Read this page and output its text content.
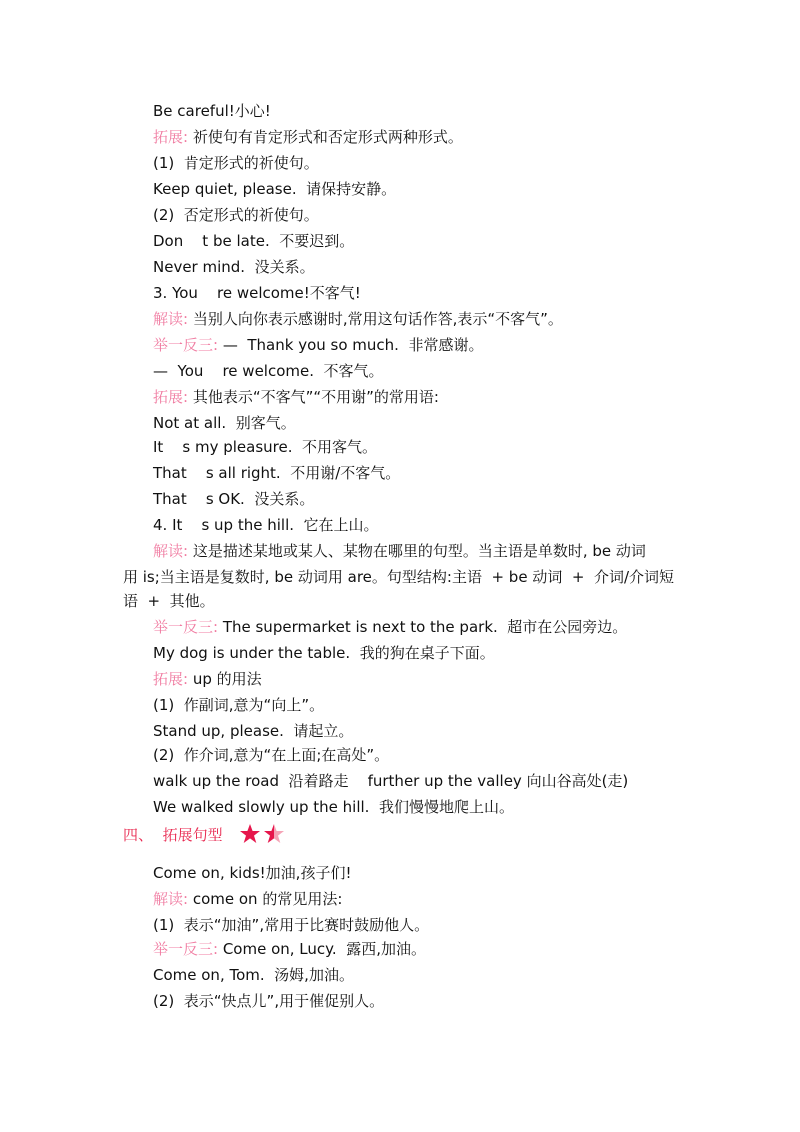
Be careful!小心!
拓展: 祈使句有肯定形式和否定形式两种形式。
(1)  肯定形式的祈使句。
Keep quiet, please.  请保持安静。
(2)  否定形式的祈使句。
Don    t be late.  不要迟到。
Never mind.  没关系。
3. You    re welcome!不客气!
解读: 当别人向你表示感谢时,常用这句话作答,表示“不客气”。
举一反三: —  Thank you so much.  非常感谢。
—  You    re welcome.  不客气。
拓展: 其他表示“不客气”“不用谢”的常用语:
Not at all.  别客气。
It    s my pleasure.  不用客气。
That    s all right.  不用谢/不客气。
That    s OK.  没关系。
4. It    s up the hill.  它在上山。
解读: 这是描述某地或某人、某物在哪里的句型。当主语是单数时, be 动词
用 is;当主语是复数时, be 动词用 are。句型结构:主语  + be 动词  +  介词/介词短
语  +  其他。
举一反三: The supermarket is next to the park.  超市在公园旁边。
My dog is under the table.  我的狗在桌子下面。
拓展: up 的用法
(1)  作副词,意为“向上”。
Stand up, please.  请起立。
(2)  作介词,意为“在上面;在高处”。
walk up the road  沿着路走    further up the valley 向山谷高处(走)
We walked slowly up the hill.  我们慢慢地爬上山。
四、 拓展句型
Come on, kids!加油,孩子们!
解读: come on 的常见用法:
(1)  表示“加油”,常用于比赛时鼓励他人。
举一反三: Come on, Lucy.  露西,加油。
Come on, Tom.  汤姆,加油。
(2)  表示“快点儿”,用于催促别人。
